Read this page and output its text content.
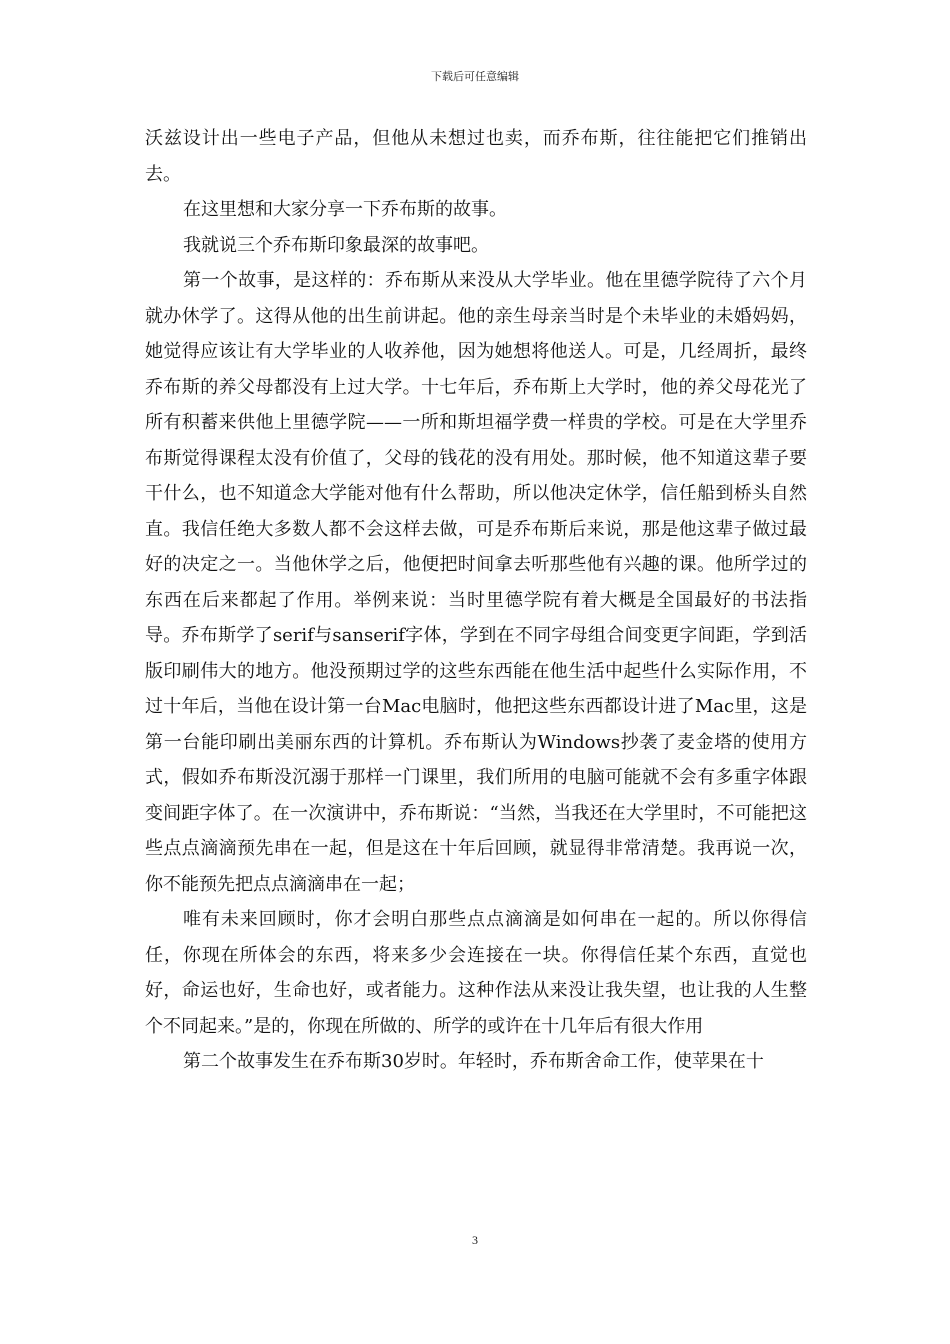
下载后可任意编辑

沃兹设计出一些电子产品，但他从未想过也卖，而乔布斯，往往能把它们推销出去。

在这里想和大家分享一下乔布斯的故事。

我就说三个乔布斯印象最深的故事吧。

第一个故事，是这样的：乔布斯从来没从大学毕业。他在里德学院待了六个月就办休学了。这得从他的出生前讲起。他的亲生母亲当时是个未毕业的未婚妈妈，她觉得应该让有大学毕业的人收养他，因为她想将他送人。可是，几经周折，最终乔布斯的养父母都没有上过大学。十七年后，乔布斯上大学时，他的养父母花光了所有积蓄来供他上里德学院——一所和斯坦福学费一样贵的学校。可是在大学里乔布斯觉得课程太没有价值了，父母的钱花的没有用处。那时候，他不知道这辈子要干什么，也不知道念大学能对他有什么帮助，所以他决定休学，信任船到桥头自然直。我信任绝大多数人都不会这样去做，可是乔布斯后来说，那是他这辈子做过最好的决定之一。当他休学之后，他便把时间拿去听那些他有兴趣的课。他所学过的东西在后来都起了作用。举例来说：当时里德学院有着大概是全国最好的书法指导。乔布斯学了serif与sanserif字体，学到在不同字母组合间变更字间距，学到活版印刷伟大的地方。他没预期过学的这些东西能在他生活中起些什么实际作用，不过十年后，当他在设计第一台Mac电脑时，他把这些东西都设计进了Mac里，这是第一台能印刷出美丽东西的计算机。乔布斯认为Windows抄袭了麦金塔的使用方式，假如乔布斯没沉溺于那样一门课里，我们所用的电脑可能就不会有多重字体跟变间距字体了。在一次演讲中，乔布斯说：“当然，当我还在大学里时，不可能把这些点点滴滴预先串在一起，但是这在十年后回顾，就显得非常清楚。我再说一次，你不能预先把点点滴滴串在一起；

唯有未来回顾时，你才会明白那些点点滴滴是如何串在一起的。所以你得信任，你现在所体会的东西，将来多少会连接在一块。你得信任某个东西，直觉也好，命运也好，生命也好，或者能力。这种作法从来没让我失望，也让我的人生整个不同起来。”是的，你现在所做的、所学的或许在十几年后有很大作用

第二个故事发生在乔布斯30岁时。年轻时，乔布斯舍命工作，使苹果在十

3
